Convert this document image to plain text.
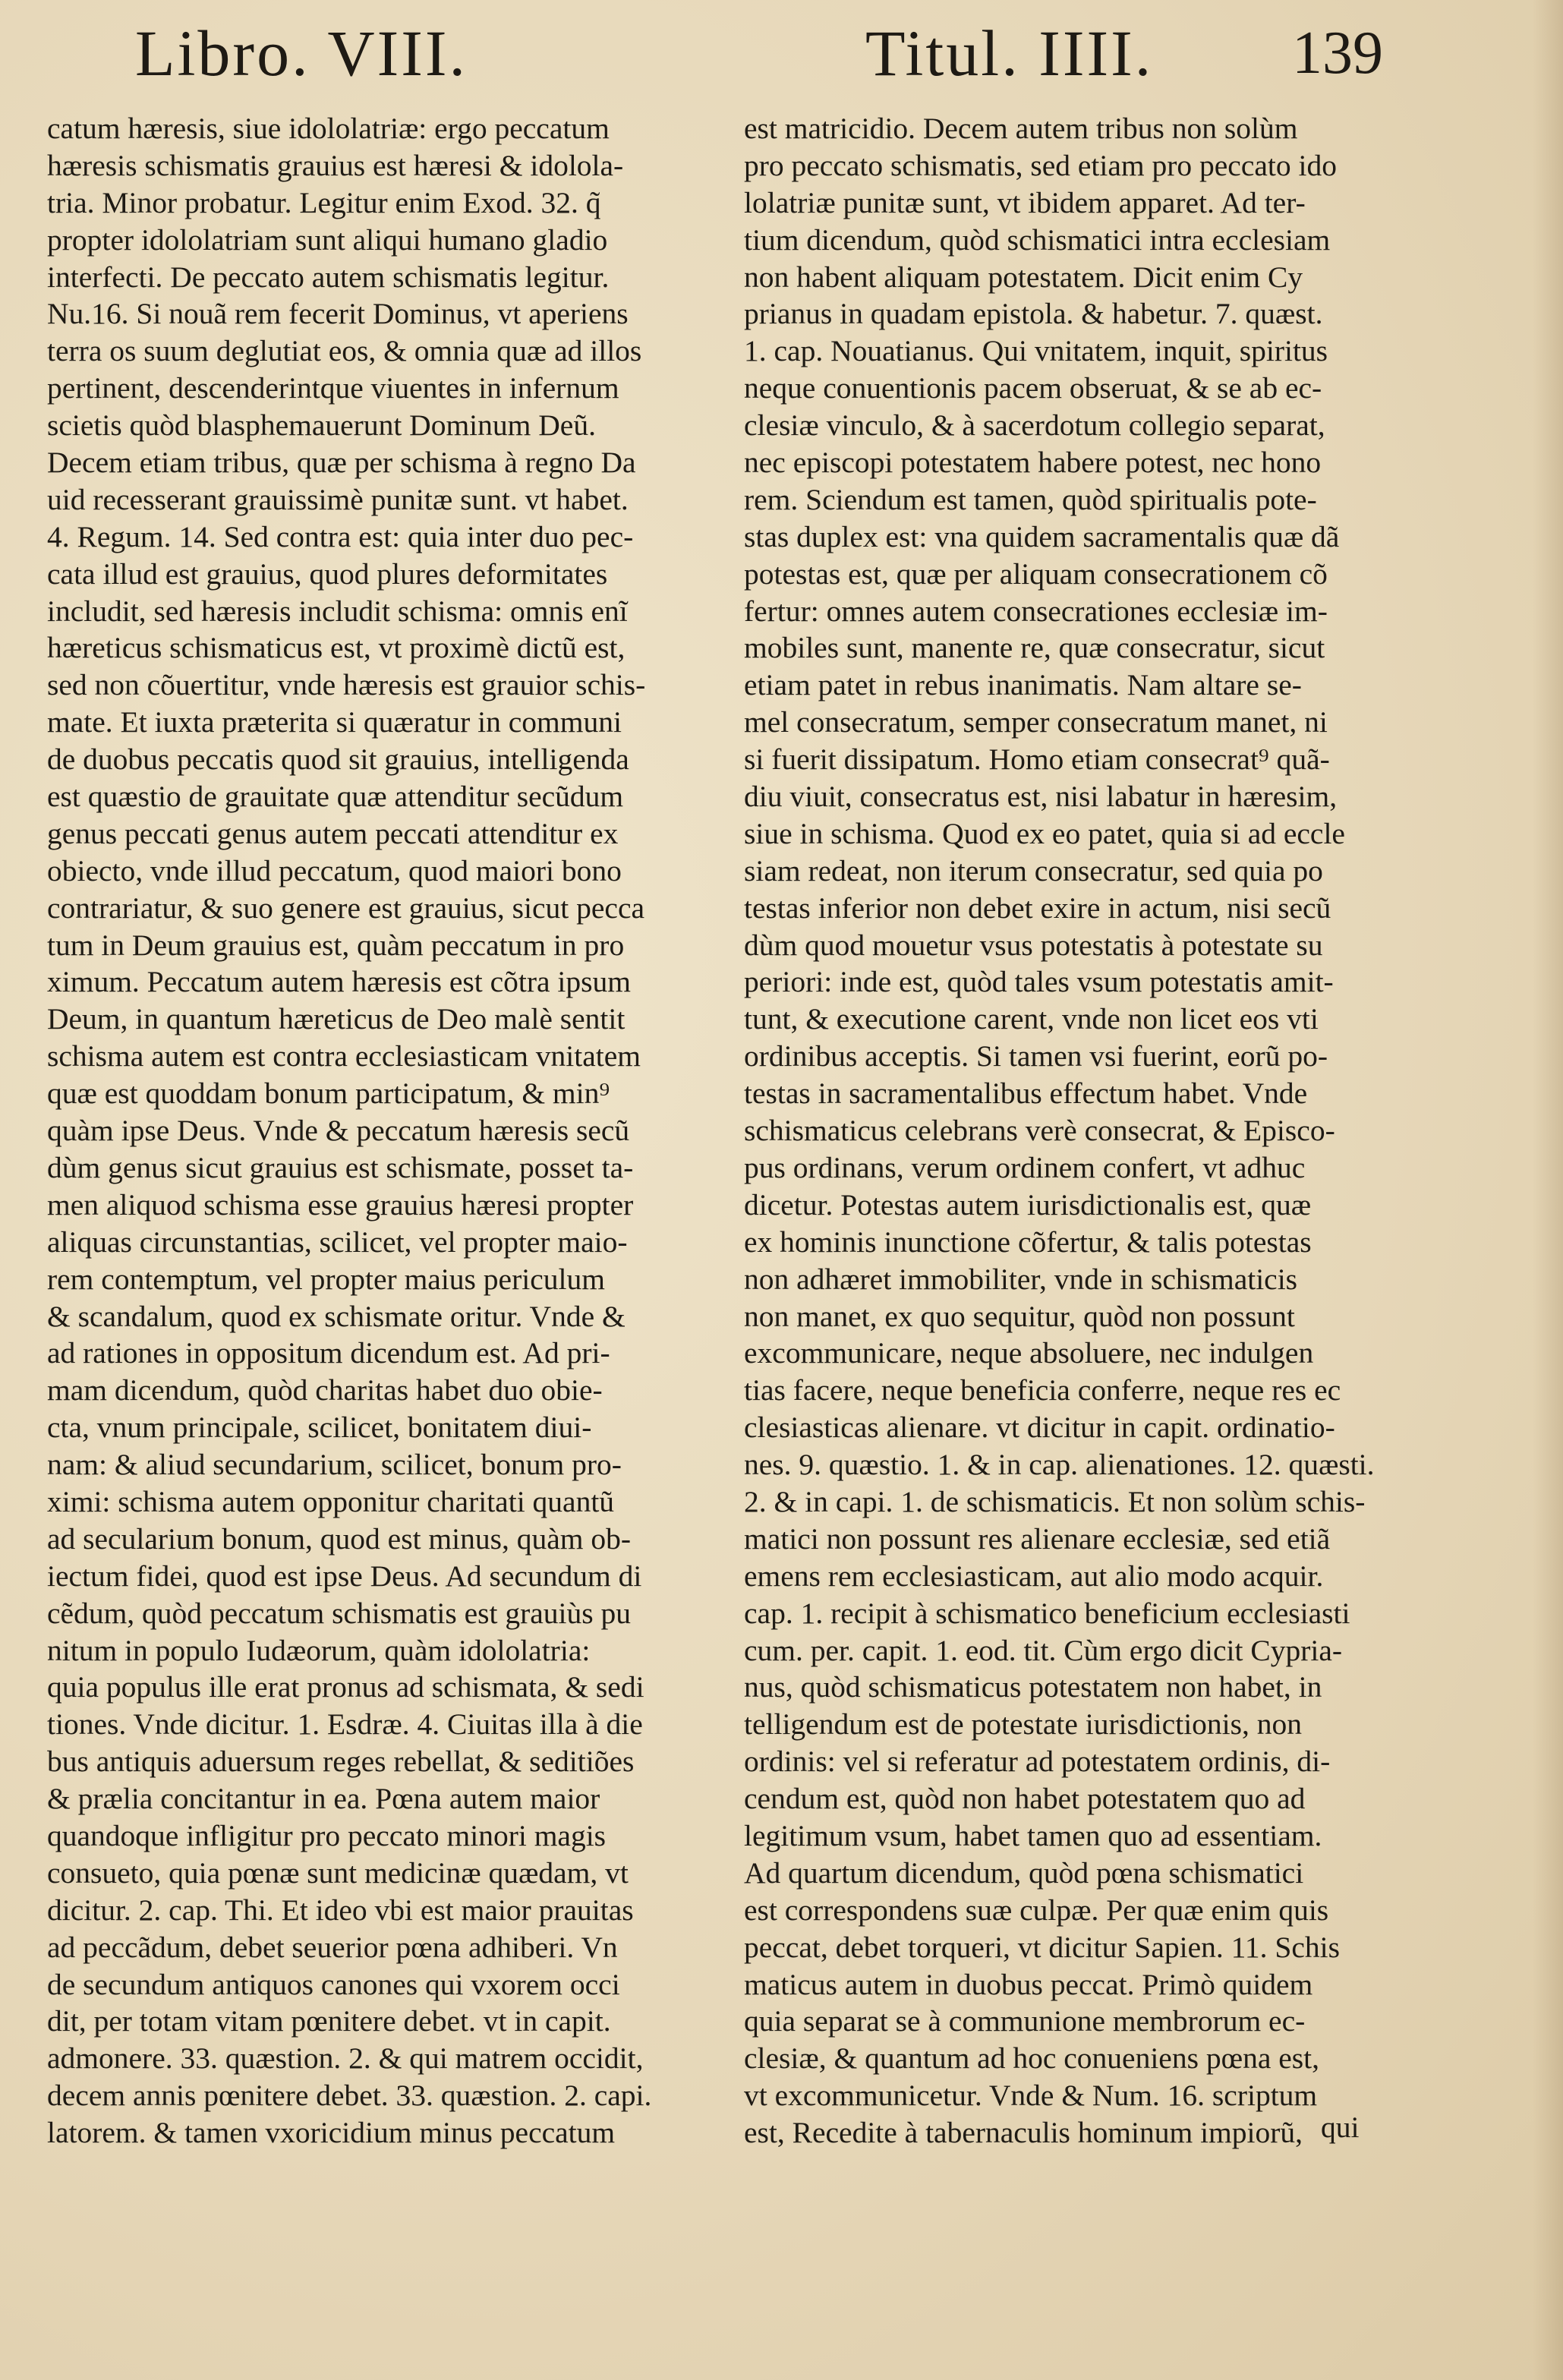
Libro. VIII.	Titul. IIII. 139
catum hæresis, siue idololatriæ: ergo peccatum
hæresis schismatis grauius est hæresi & idolola-
tria. Minor probatur. Legitur enim Exod. 32. q̃
propter idololatriam sunt aliqui humano gladio
interfecti. De peccato autem schismatis legitur.
Nu.16. Si nouã rem fecerit Dominus, vt aperiens
terra os suum deglutiat eos, & omnia quæ ad illos
pertinent, descenderintque viuentes in infernum
scietis quòd blasphemauerunt Dominum Deũ.
Decem etiam tribus, quæ per schisma à regno Da
uid recesserant grauissimè punitæ sunt. vt habet.
4. Regum. 14. Sed contra est: quia inter duo pec-
cata illud est grauius, quod plures deformitates
includit, sed hæresis includit schisma: omnis enĩ
hæreticus schismaticus est, vt proximè dictũ est,
sed non cõuertitur, vnde hæresis est grauior schis-
mate. Et iuxta præterita si quæratur in communi
de duobus peccatis quod sit grauius, intelligenda
est quæstio de grauitate quæ attenditur secũdum
genus peccati genus autem peccati attenditur ex
obiecto, vnde illud peccatum, quod maiori bono
contrariatur, & suo genere est grauius, sicut pecca
tum in Deum grauius est, quàm peccatum in pro
ximum. Peccatum autem hæresis est cõtra ipsum
Deum, in quantum hæreticus de Deo malè sentit
schisma autem est contra ecclesiasticam vnitatem
quæ est quoddam bonum participatum, & min⁹
quàm ipse Deus. Vnde & peccatum hæresis secũ
dùm genus sicut grauius est schismate, posset ta-
men aliquod schisma esse grauius hæresi propter
aliquas circunstantias, scilicet, vel propter maio-
rem contemptum, vel propter maius periculum
& scandalum, quod ex schismate oritur. Vnde &
ad rationes in oppositum dicendum est. Ad pri-
mam dicendum, quòd charitas habet duo obie-
cta, vnum principale, scilicet, bonitatem diui-
nam: & aliud secundarium, scilicet, bonum pro-
ximi: schisma autem opponitur charitati quantũ
ad secularium bonum, quod est minus, quàm ob-
iectum fidei, quod est ipse Deus. Ad secundum di
cẽdum, quòd peccatum schismatis est grauiùs pu
nitum in populo Iudæorum, quàm idololatria:
quia populus ille erat pronus ad schismata, & sedi
tiones. Vnde dicitur. 1. Esdræ. 4. Ciuitas illa à die
bus antiquis aduersum reges rebellat, & seditiões
& prælia concitantur in ea. Pœna autem maior
quandoque infligitur pro peccato minori magis
consueto, quia pœnæ sunt medicinæ quædam, vt
dicitur. 2. cap. Thi. Et ideo vbi est maior prauitas
ad peccãdum, debet seuerior pœna adhiberi. Vn
de secundum antiquos canones qui vxorem occi
dit, per totam vitam pœnitere debet. vt in capit.
admonere. 33. quæstion. 2. & qui matrem occidit,
decem annis pœnitere debet. 33. quæstion. 2. capi.
latorem. & tamen vxoricidium minus peccatum
est matricidio. Decem autem tribus non solùm
pro peccato schismatis, sed etiam pro peccato ido
lolatriæ punitæ sunt, vt ibidem apparet. Ad ter-
tium dicendum, quòd schismatici intra ecclesiam
non habent aliquam potestatem. Dicit enim Cy
prianus in quadam epistola. & habetur. 7. quæst.
1. cap. Nouatianus. Qui vnitatem, inquit, spiritus
neque conuentionis pacem obseruat, & se ab ec-
clesiæ vinculo, & à sacerdotum collegio separat,
nec episcopi potestatem habere potest, nec hono
rem. Sciendum est tamen, quòd spiritualis pote-
stas duplex est: vna quidem sacramentalis quæ dã
potestas est, quæ per aliquam consecrationem cõ
fertur: omnes autem consecrationes ecclesiæ im-
mobiles sunt, manente re, quæ consecratur, sicut
etiam patet in rebus inanimatis. Nam altare se-
mel consecratum, semper consecratum manet, ni
si fuerit dissipatum. Homo etiam consecrat⁹ quã-
diu viuit, consecratus est, nisi labatur in hæresim,
siue in schisma. Quod ex eo patet, quia si ad eccle
siam redeat, non iterum consecratur, sed quia po
testas inferior non debet exire in actum, nisi secũ
dùm quod mouetur vsus potestatis à potestate su
periori: inde est, quòd tales vsum potestatis amit-
tunt, & executione carent, vnde non licet eos vti
ordinibus acceptis. Si tamen vsi fuerint, eorũ po-
testas in sacramentalibus effectum habet. Vnde
schismaticus celebrans verè consecrat, & Episco-
pus ordinans, verum ordinem confert, vt adhuc
dicetur. Potestas autem iurisdictionalis est, quæ
ex hominis inunctione cõfertur, & talis potestas
non adhæret immobiliter, vnde in schismaticis
non manet, ex quo sequitur, quòd non possunt
excommunicare, neque absoluere, nec indulgen
tias facere, neque beneficia conferre, neque res ec
clesiasticas alienare. vt dicitur in capit. ordinatio-
nes. 9. quæstio. 1. & in cap. alienationes. 12. quæsti.
2. & in capi. 1. de schismaticis. Et non solùm schis-
matici non possunt res alienare ecclesiæ, sed etiã
emens rem ecclesiasticam, aut alio modo acquir.
cap. 1. recipit à schismatico beneficium ecclesiasti
cum. per. capit. 1. eod. tit. Cùm ergo dicit Cypria-
nus, quòd schismaticus potestatem non habet, in
telligendum est de potestate iurisdictionis, non
ordinis: vel si referatur ad potestatem ordinis, di-
cendum est, quòd non habet potestatem quo ad
legitimum vsum, habet tamen quo ad essentiam.
Ad quartum dicendum, quòd pœna schismatici
est correspondens suæ culpæ. Per quæ enim quis
peccat, debet torqueri, vt dicitur Sapien. 11. Schis
maticus autem in duobus peccat. Primò quidem
quia separat se à communione membrorum ec-
clesiæ, & quantum ad hoc conueniens pœna est,
vt excommunicetur. Vnde & Num. 16. scriptum
est, Recedite à tabernaculis hominum impiorũ, qui
